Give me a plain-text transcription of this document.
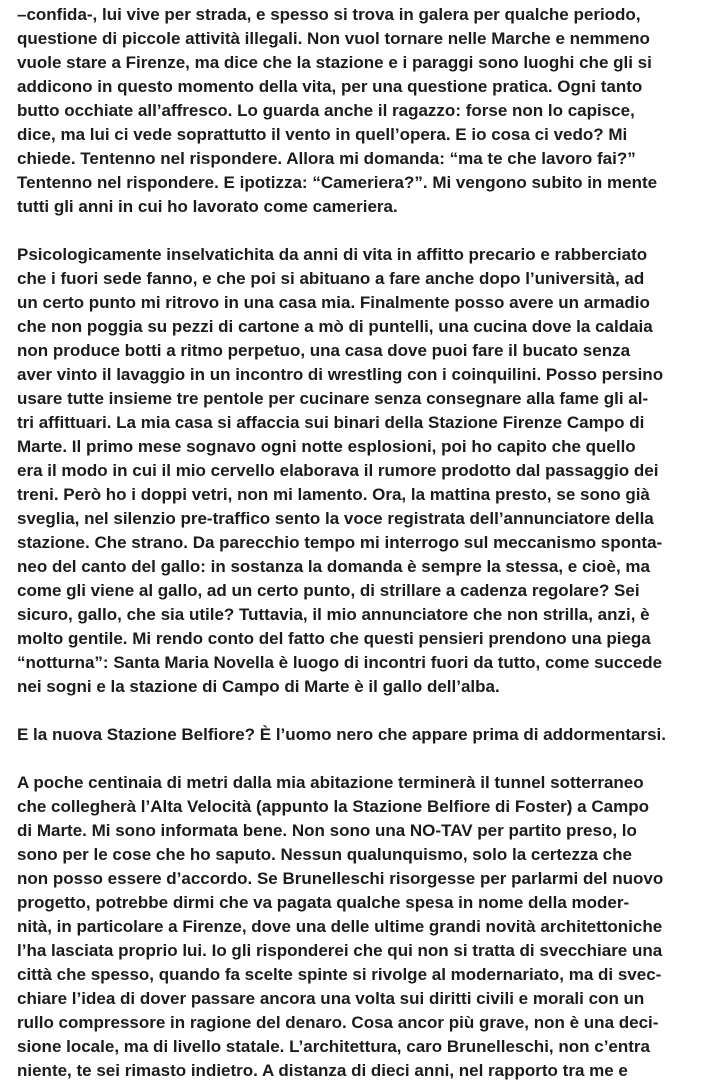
–confida-, lui vive per strada, e spesso si trova in galera per qualche periodo,
questione di piccole attività illegali. Non vuol tornare nelle Marche e nemmeno
vuole stare a Firenze, ma dice che la stazione e i paraggi sono luoghi che gli si
addicono in questo momento della vita, per una questione pratica. Ogni tanto
butto occhiate all’affresco. Lo guarda anche il ragazzo: forse non lo capisce,
dice, ma lui ci vede soprattutto il vento in quell’opera. E io cosa ci vedo? Mi
chiede. Tentenno nel rispondere. Allora mi domanda: “ma te che lavoro fai?”
Tentenno nel rispondere. E ipotizza: “Cameriera?”. Mi vengono subito in mente
tutti gli anni in cui ho lavorato come cameriera.

Psicologicamente inselvatichita da anni di vita in affitto precario e rabberciato
che i fuori sede fanno, e che poi si abituano a fare anche dopo l’università, ad
un certo punto mi ritrovo in una casa mia. Finalmente posso avere un armadio
che non poggia su pezzi di cartone a mò di puntelli, una cucina dove la caldaia
non produce botti a ritmo perpetuo, una casa dove puoi fare il bucato senza
aver vinto il lavaggio in un incontro di wrestling con i coinquilini. Posso persino
usare tutte insieme tre pentole per cucinare senza consegnare alla fame gli al-
tri affittuari. La mia casa si affaccia sui binari della Stazione Firenze Campo di
Marte. Il primo mese sognavo ogni notte esplosioni, poi ho capito che quello
era il modo in cui il mio cervello elaborava il rumore prodotto dal passaggio dei
treni. Però ho i doppi vetri, non mi lamento. Ora, la mattina presto, se sono già
sveglia, nel silenzio pre-traffico sento la voce registrata dell’annunciatore della
stazione. Che strano. Da parecchio tempo mi interrogo sul meccanismo sponta-
neo del canto del gallo: in sostanza la domanda è sempre la stessa, e cioè, ma
come gli viene al gallo, ad un certo punto, di strillare a cadenza regolare? Sei
sicuro, gallo, che sia utile? Tuttavia, il mio annunciatore che non strilla, anzi, è
molto gentile. Mi rendo conto del fatto che questi pensieri prendono una piega
“notturna”: Santa Maria Novella è luogo di incontri fuori da tutto, come succede
nei sogni e la stazione di Campo di Marte è il gallo dell’alba.

E la nuova Stazione Belfiore? È l’uomo nero che appare prima di addormentarsi.

A poche centinaia di metri dalla mia abitazione terminerà il tunnel sotterraneo
che collegherà l’Alta Velocità (appunto la Stazione Belfiore di Foster) a Campo
di Marte. Mi sono informata bene. Non sono una NO-TAV per partito preso, lo
sono per le cose che ho saputo. Nessun qualunquismo, solo la certezza che
non posso essere d’accordo. Se Brunelleschi risorgesse per parlarmi del nuovo
progetto, potrebbe dirmi che va pagata qualche spesa in nome della moder-
nità, in particolare a Firenze, dove una delle ultime grandi novità architettoniche
l’ha lasciata proprio lui. Io gli risponderei che qui non si tratta di svecchiare una
città che spesso, quando fa scelte spinte si rivolge al modernariato, ma di svec-
chiare l’idea di dover passare ancora una volta sui diritti civili e morali con un
rullo compressore in ragione del denaro. Cosa ancor più grave, non è una deci-
sione locale, ma di livello statale. L’architettura, caro Brunelleschi, non c’entra
niente, te sei rimasto indietro. A distanza di dieci anni, nel rapporto tra me e
